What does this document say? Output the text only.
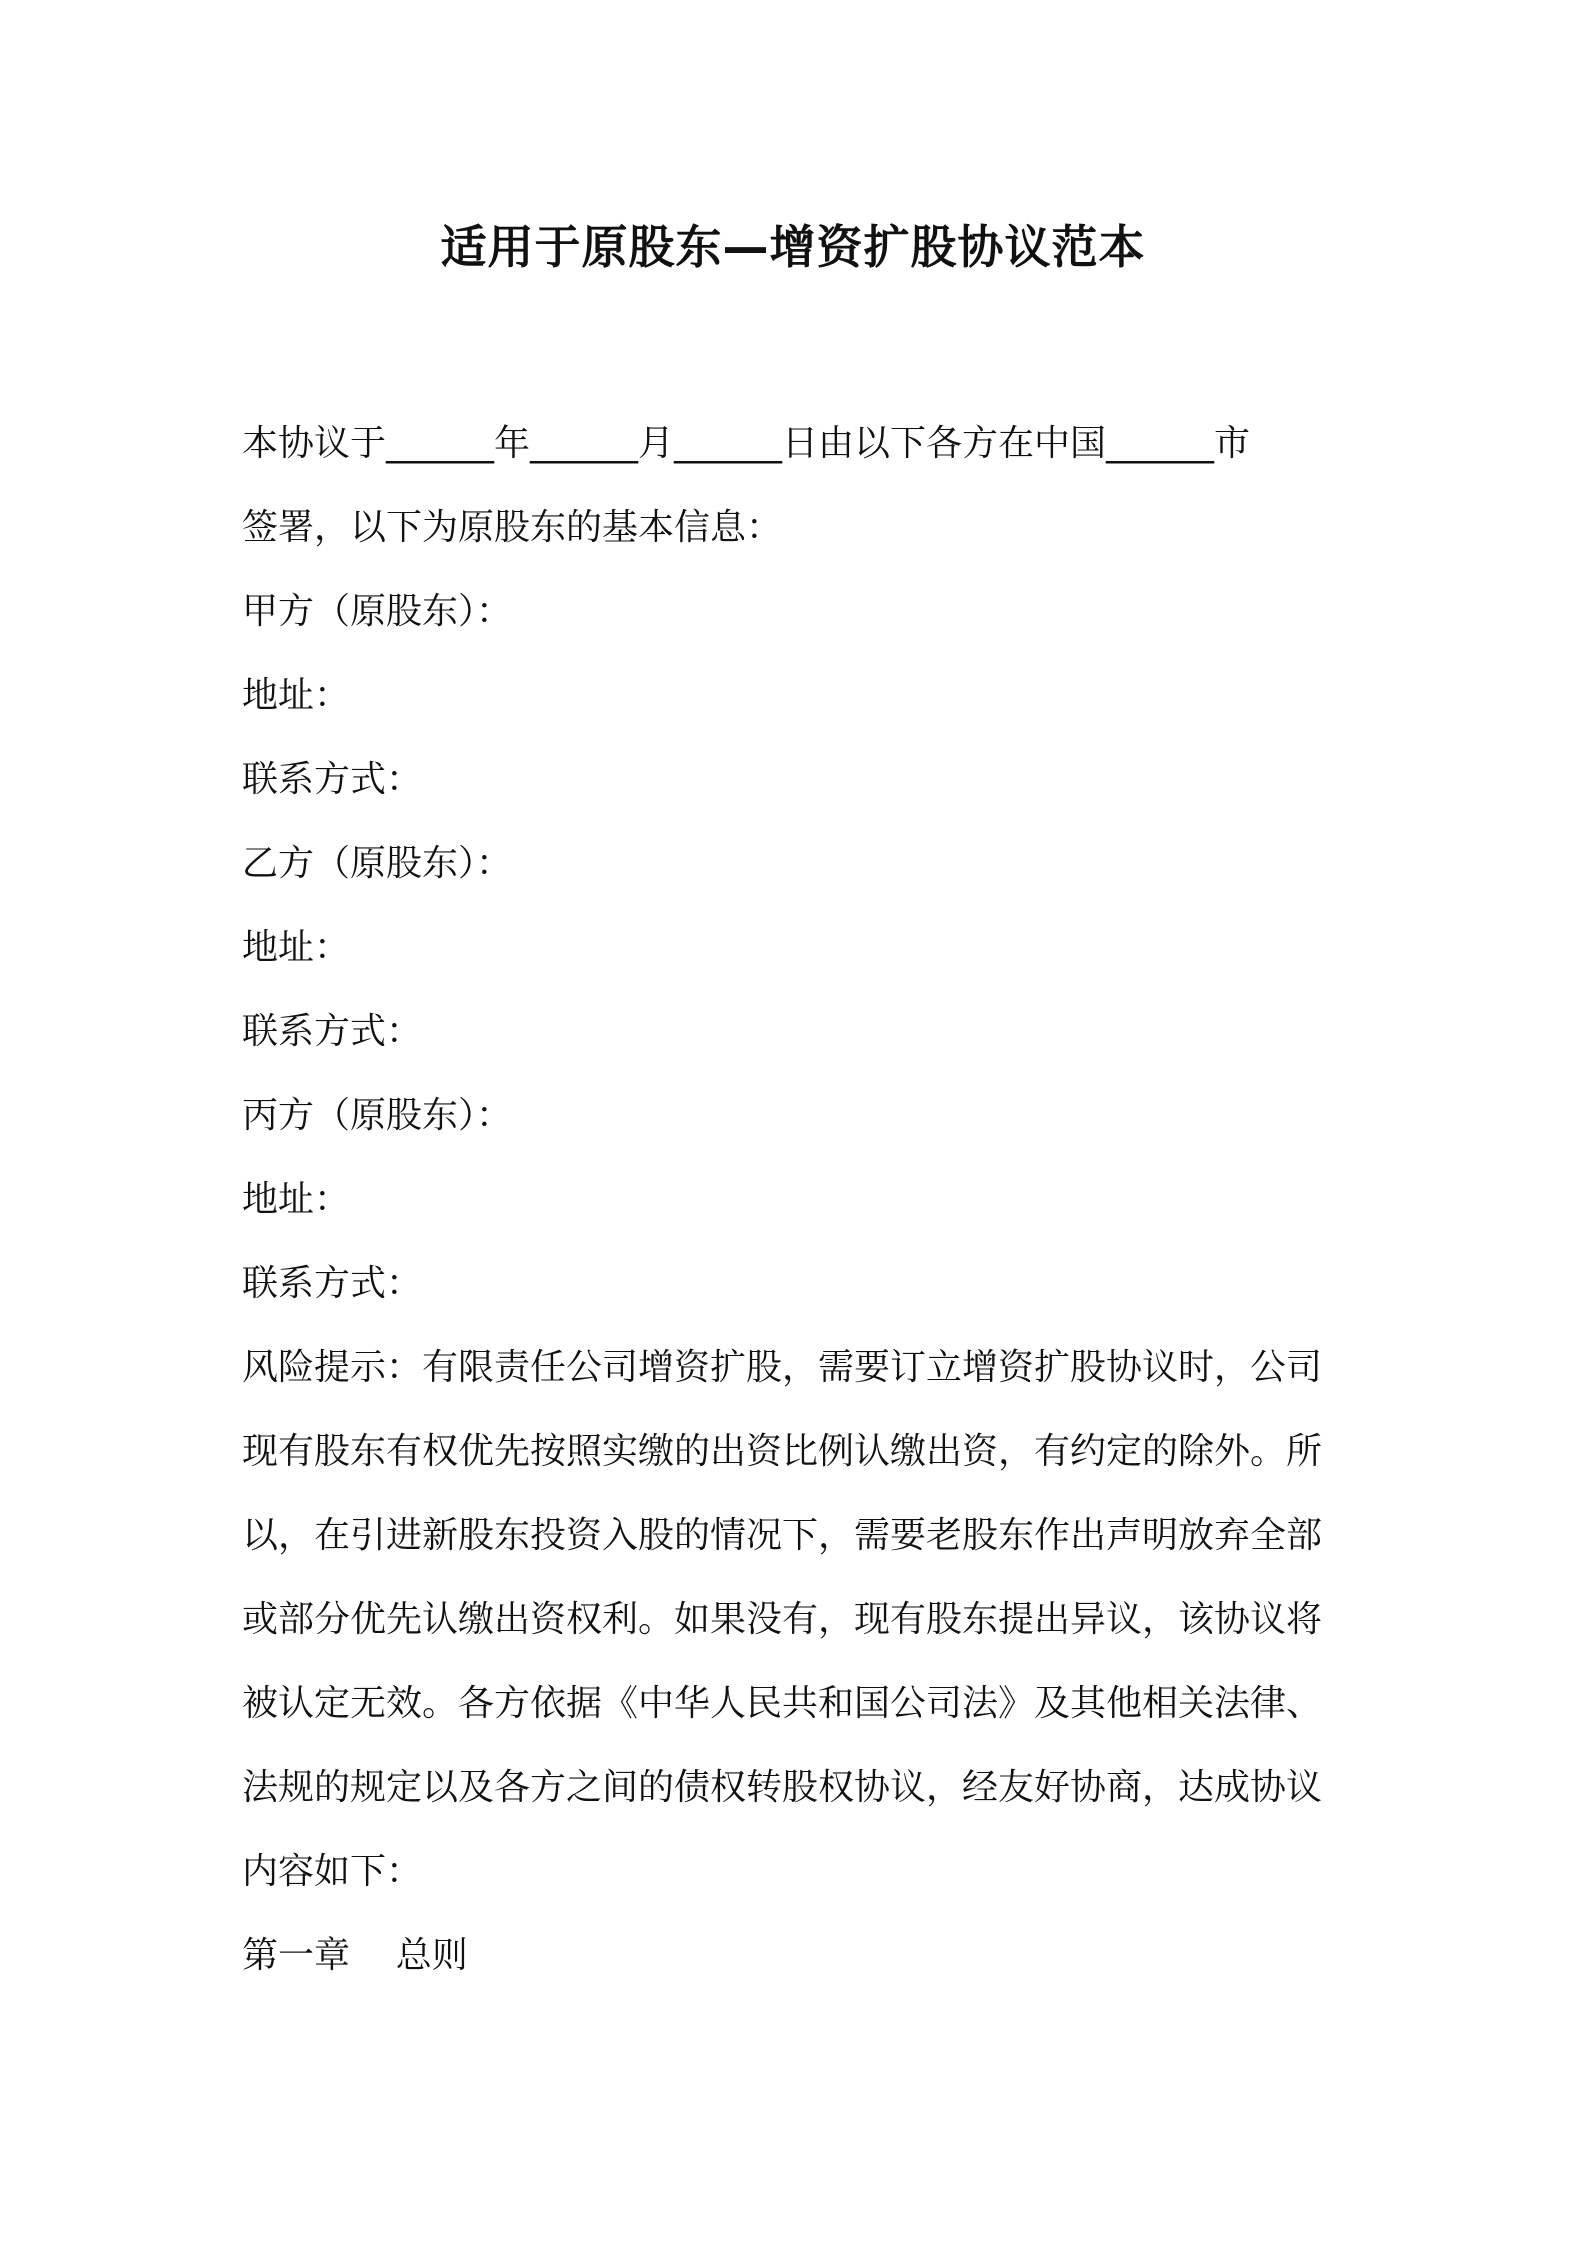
适用于原股东—增资扩股协议范本
本协议于______年______月______日由以下各方在中国______市
签署，以下为原股东的基本信息：
甲方（原股东）：
地址：
联系方式：
乙方（原股东）：
地址：
联系方式：
丙方（原股东）：
地址：
联系方式：
风险提示：有限责任公司增资扩股，需要订立增资扩股协议时，公司
现有股东有权优先按照实缴的出资比例认缴出资，有约定的除外。所
以，在引进新股东投资入股的情况下，需要老股东作出声明放弃全部
或部分优先认缴出资权利。如果没有，现有股东提出异议，该协议将
被认定无效。各方依据《中华人民共和国公司法》及其他相关法律、
法规的规定以及各方之间的债权转股权协议，经友好协商，达成协议
内容如下：
第一章    总则
